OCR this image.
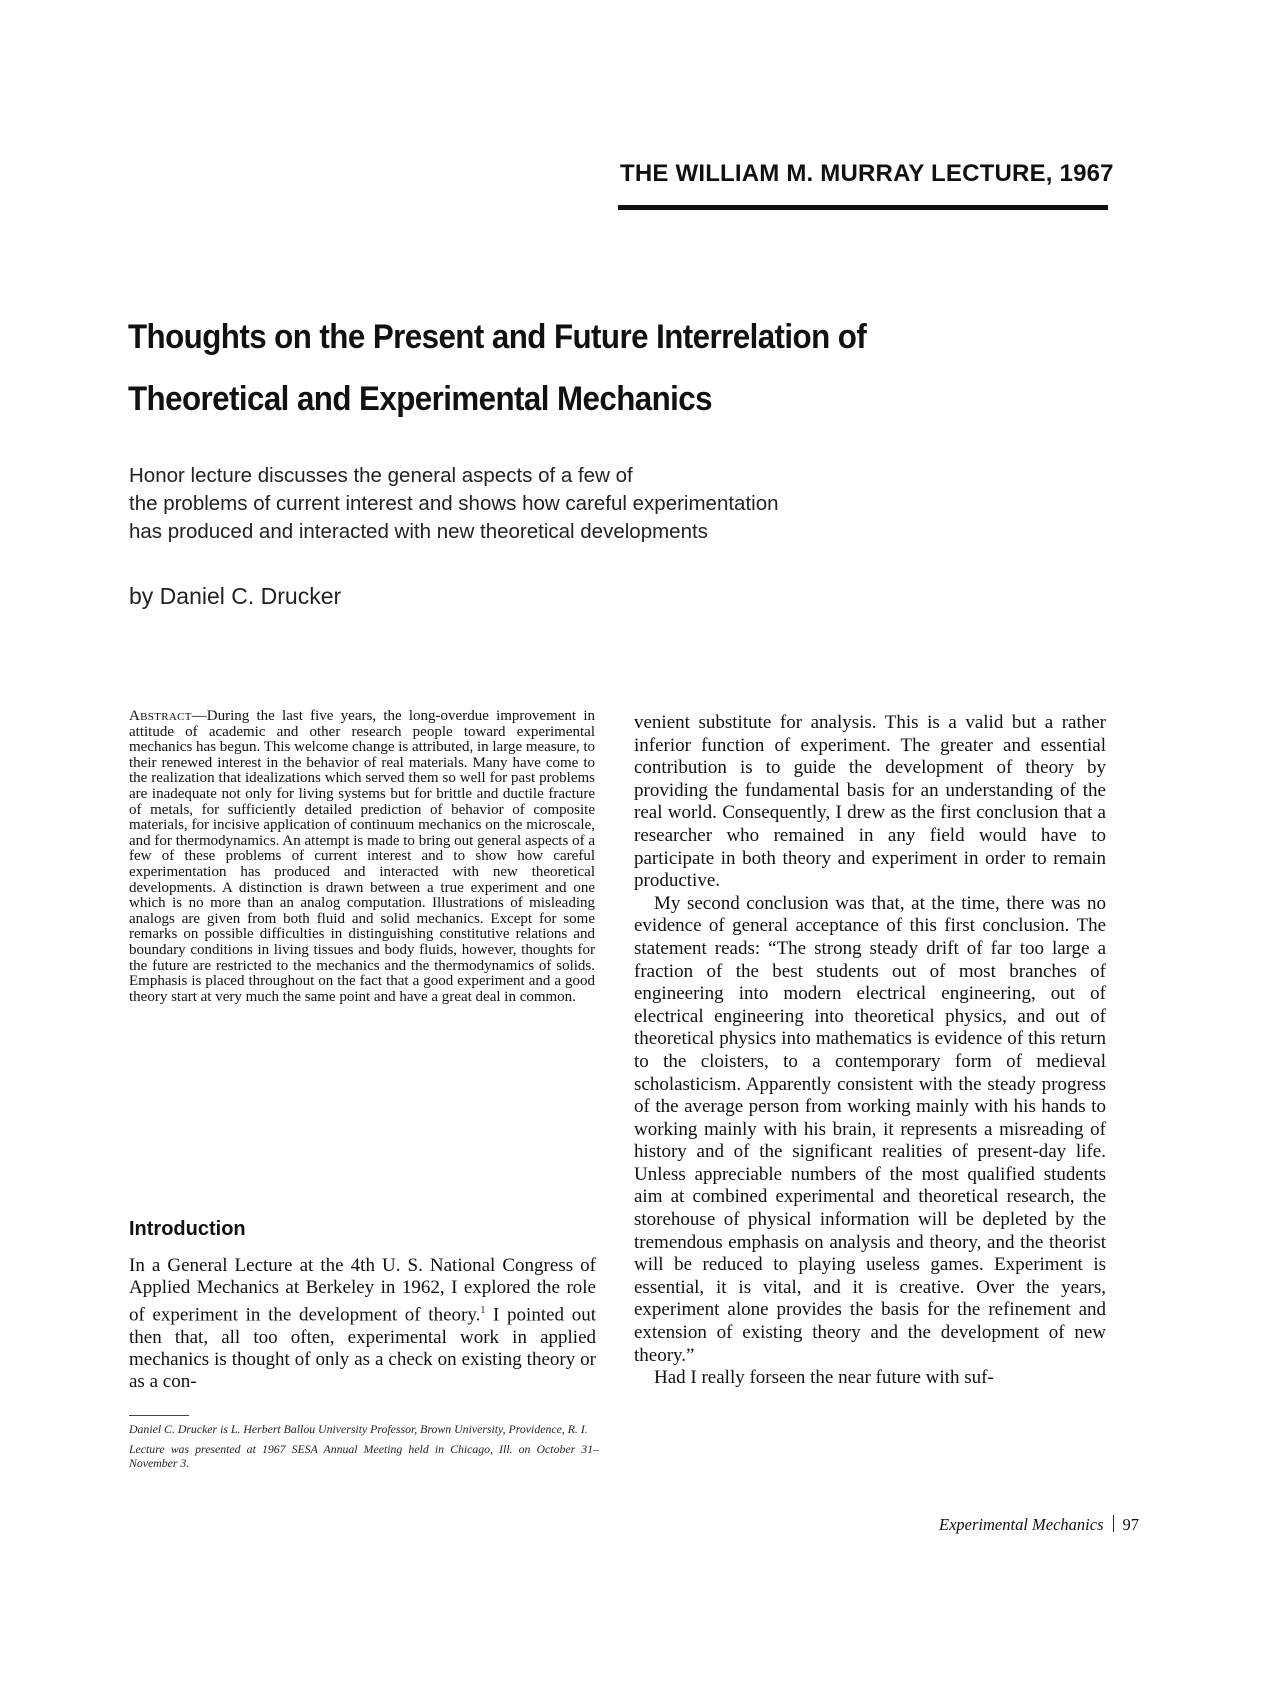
THE WILLIAM M. MURRAY LECTURE, 1967
Thoughts on the Present and Future Interrelation of
Theoretical and Experimental Mechanics
Honor lecture discusses the general aspects of a few of
the problems of current interest and shows how careful experimentation
has produced and interacted with new theoretical developments
by Daniel C. Drucker
Abstract—During the last five years, the long-overdue improvement in attitude of academic and other research people toward experimental mechanics has begun. This welcome change is attributed, in large measure, to their renewed interest in the behavior of real materials. Many have come to the realization that idealizations which served them so well for past problems are inadequate not only for living systems but for brittle and ductile fracture of metals, for sufficiently detailed prediction of behavior of composite materials, for incisive application of continuum mechanics on the microscale, and for thermodynamics. An attempt is made to bring out general aspects of a few of these problems of current interest and to show how careful experimentation has produced and interacted with new theoretical developments. A distinction is drawn between a true experiment and one which is no more than an analog computation. Illustrations of misleading analogs are given from both fluid and solid mechanics. Except for some remarks on possible difficulties in distinguishing constitutive relations and boundary conditions in living tissues and body fluids, however, thoughts for the future are restricted to the mechanics and the thermodynamics of solids. Emphasis is placed throughout on the fact that a good experiment and a good theory start at very much the same point and have a great deal in common.
Introduction
In a General Lecture at the 4th U. S. National Congress of Applied Mechanics at Berkeley in 1962, I explored the role of experiment in the development of theory.$^1$ I pointed out then that, all too often, experimental work in applied mechanics is thought of only as a check on existing theory or as a con-

Daniel C. Drucker is L. Herbert Ballou University Professor, Brown University, Providence, R. I.

Lecture was presented at 1967 SESA Annual Meeting held in Chicago, Ill. on October 31–November 3.

venient substitute for analysis. This is a valid but a rather inferior function of experiment. The greater and essential contribution is to guide the development of theory by providing the fundamental basis for an understanding of the real world. Consequently, I drew as the first conclusion that a researcher who remained in any field would have to participate in both theory and experiment in order to remain productive.

My second conclusion was that, at the time, there was no evidence of general acceptance of this first conclusion. The statement reads: “The strong steady drift of far too large a fraction of the best students out of most branches of engineering into modern electrical engineering, out of electrical engineering into theoretical physics, and out of theoretical physics into mathematics is evidence of this return to the cloisters, to a contemporary form of medieval scholasticism. Apparently consistent with the steady progress of the average person from working mainly with his hands to working mainly with his brain, it represents a misreading of history and of the significant realities of present-day life. Unless appreciable numbers of the most qualified students aim at combined experimental and theoretical research, the storehouse of physical information will be depleted by the tremendous emphasis on analysis and theory, and the theorist will be reduced to playing useless games. Experiment is essential, it is vital, and it is creative. Over the years, experiment alone provides the basis for the refinement and extension of existing theory and the development of new theory.”

Had I really forseen the near future with suf-

Experimental Mechanics 97
